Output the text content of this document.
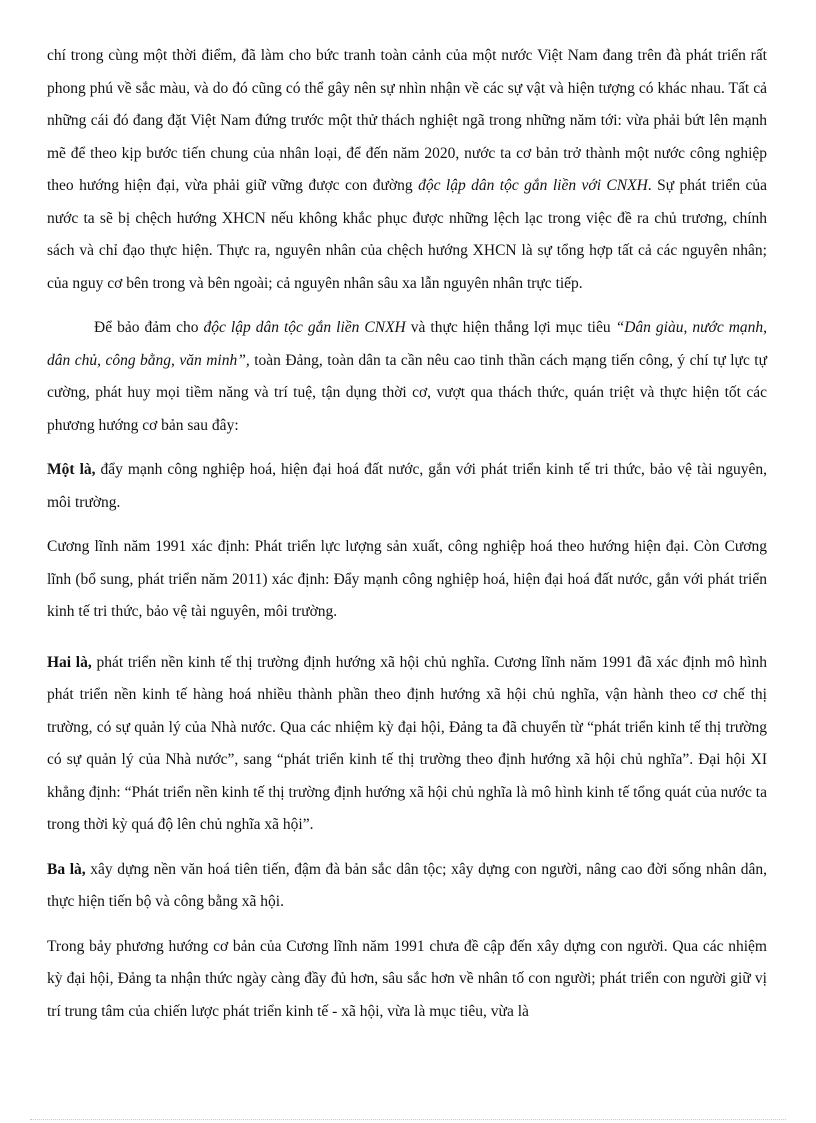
chí trong cùng một thời điểm, đã làm cho bức tranh toàn cảnh của một nước Việt Nam đang trên đà phát triển rất phong phú về sắc màu, và do đó cũng có thể gây nên sự nhìn nhận về các sự vật và hiện tượng có khác nhau. Tất cả những cái đó đang đặt Việt Nam đứng trước một thử thách nghiệt ngã trong những năm tới: vừa phải bứt lên mạnh mẽ để theo kịp bước tiến chung của nhân loại, để đến năm 2020, nước ta cơ bản trở thành một nước công nghiệp theo hướng hiện đại, vừa phải giữ vững được con đường độc lập dân tộc gắn liền với CNXH. Sự phát triển của nước ta sẽ bị chệch hướng XHCN nếu không khắc phục được những lệch lạc trong việc đề ra chủ trương, chính sách và chỉ đạo thực hiện. Thực ra, nguyên nhân của chệch hướng XHCN là sự tổng hợp tất cả các nguyên nhân; của nguy cơ bên trong và bên ngoài; cả nguyên nhân sâu xa lẫn nguyên nhân trực tiếp.

Để bảo đảm cho độc lập dân tộc gắn liền CNXH và thực hiện thắng lợi mục tiêu “Dân giàu, nước mạnh, dân chủ, công bằng, văn minh”, toàn Đảng, toàn dân ta cần nêu cao tinh thần cách mạng tiến công, ý chí tự lực tự cường, phát huy mọi tiềm năng và trí tuệ, tận dụng thời cơ, vượt qua thách thức, quán triệt và thực hiện tốt các phương hướng cơ bản sau đây:

Một là, đẩy mạnh công nghiệp hoá, hiện đại hoá đất nước, gắn với phát triển kinh tế tri thức, bảo vệ tài nguyên, môi trường.

Cương lĩnh năm 1991 xác định: Phát triển lực lượng sản xuất, công nghiệp hoá theo hướng hiện đại. Còn Cương lĩnh (bổ sung, phát triển năm 2011) xác định: Đẩy mạnh công nghiệp hoá, hiện đại hoá đất nước, gắn với phát triển kinh tế tri thức, bảo vệ tài nguyên, môi trường.

Hai là, phát triển nền kinh tế thị trường định hướng xã hội chủ nghĩa. Cương lĩnh năm 1991 đã xác định mô hình phát triển nền kinh tế hàng hoá nhiều thành phần theo định hướng xã hội chủ nghĩa, vận hành theo cơ chế thị trường, có sự quản lý của Nhà nước. Qua các nhiệm kỳ đại hội, Đảng ta đã chuyển từ “phát triển kinh tế thị trường có sự quản lý của Nhà nước”, sang “phát triển kinh tế thị trường theo định hướng xã hội chủ nghĩa”. Đại hội XI khẳng định: “Phát triển nền kinh tế thị trường định hướng xã hội chủ nghĩa là mô hình kinh tế tổng quát của nước ta trong thời kỳ quá độ lên chủ nghĩa xã hội”.

Ba là, xây dựng nền văn hoá tiên tiến, đậm đà bản sắc dân tộc; xây dựng con người, nâng cao đời sống nhân dân, thực hiện tiến bộ và công bằng xã hội.

Trong bảy phương hướng cơ bản của Cương lĩnh năm 1991 chưa đề cập đến xây dựng con người. Qua các nhiệm kỳ đại hội, Đảng ta nhận thức ngày càng đầy đủ hơn, sâu sắc hơn về nhân tố con người; phát triển con người giữ vị trí trung tâm của chiến lược phát triển kinh tế - xã hội, vừa là mục tiêu, vừa là
